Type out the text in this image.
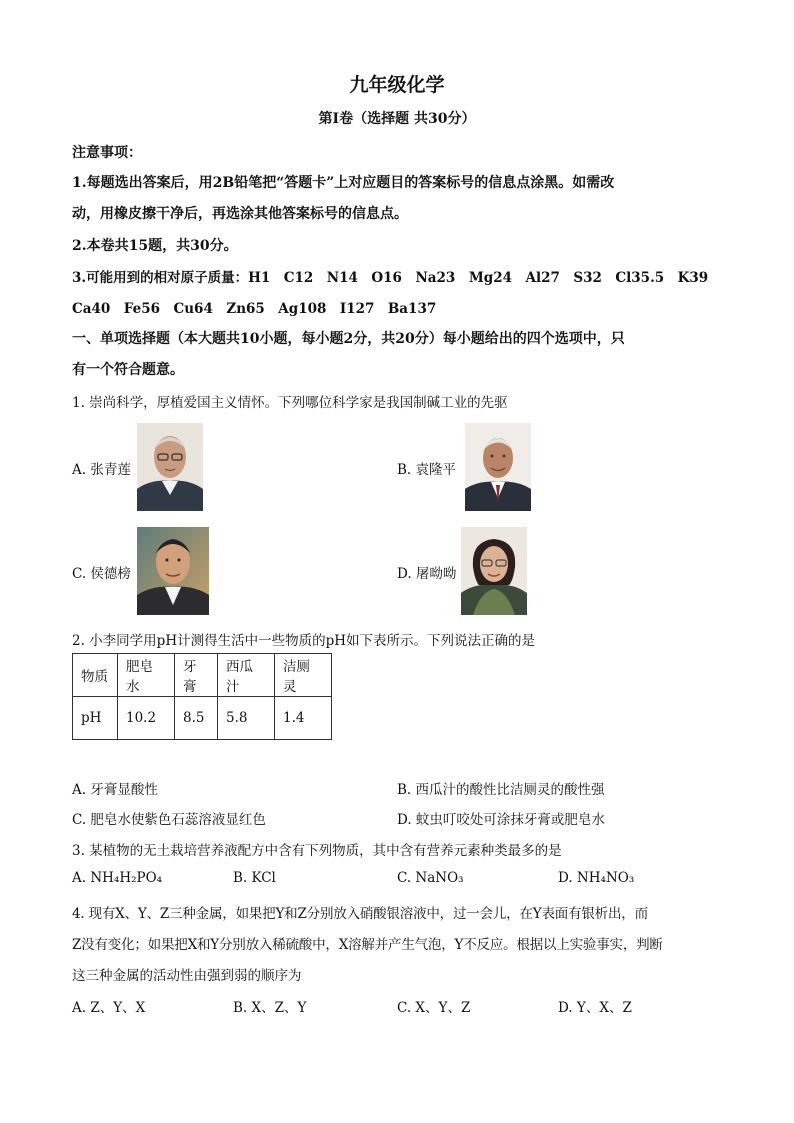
九年级化学
第Ⅰ卷（选择题 共30分）
注意事项：
1.每题选出答案后，用2B铅笔把“答题卡”上对应题目的答案标号的信息点涂黑。如需改
动，用橡皮擦干净后，再选涂其他答案标号的信息点。
2.本卷共15题，共30分。
3.可能用到的相对原子质量：H1　C12　N14　O16　Na23　Mg24　Al27　S32　Cl35.5　K39
Ca40　Fe56　Cu64　Zn65　Ag108　I127　Ba137
一、单项选择题（本大题共10小题，每小题2分，共20分）每小题给出的四个选项中，只
有一个符合题意。
1. 崇尚科学，厚植爱国主义情怀。下列哪位科学家是我国制碱工业的先驱
A. 张青莲	B. 袁隆平
C. 侯德榜	D. 屠呦呦
2. 小李同学用pH计测得生活中一些物质的pH如下表所示。下列说法正确的是
物质	肥皂水	牙膏	西瓜汁	洁厕灵
pH	10.2	8.5	5.8	1.4
A. 牙膏显酸性	B. 西瓜汁的酸性比洁厕灵的酸性强
C. 肥皂水使紫色石蕊溶液显红色	D. 蚊虫叮咬处可涂抹牙膏或肥皂水
3. 某植物的无土栽培营养液配方中含有下列物质，其中含有营养元素种类最多的是
A. NH₄H₂PO₄	B. KCl	C. NaNO₃	D. NH₄NO₃
4. 现有X、Y、Z三种金属，如果把Y和Z分别放入硝酸银溶液中，过一会儿，在Y表面有银析出，而
Z没有变化；如果把X和Y分别放入稀硫酸中，X溶解并产生气泡，Y不反应。根据以上实验事实，判断
这三种金属的活动性由强到弱的顺序为
A. Z、Y、X	B. X、Z、Y	C. X、Y、Z	D. Y、X、Z
